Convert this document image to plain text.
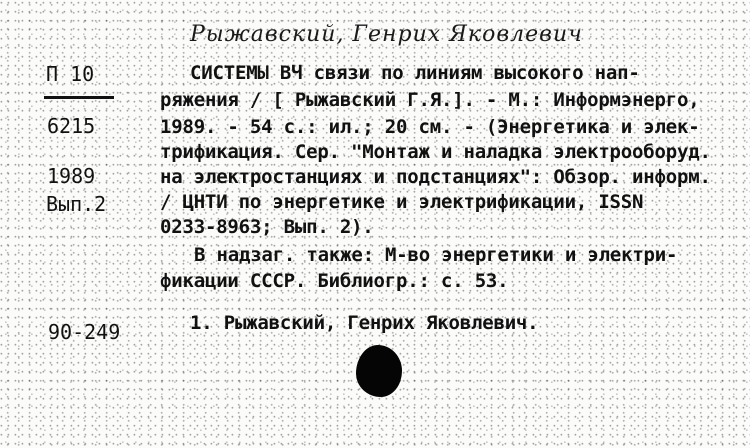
Рыжавский, Генрих Яковлевич
П 10
6215
1989
Вып.2
90-249
СИСТЕМЫ ВЧ связи по линиям высокого нап-
ряжения / [ Рыжавский Г.Я.]. - М.: Информэнерго,
1989. - 54 с.: ил.; 20 см. - (Энергетика и элек-
трификация. Сер. "Монтаж и наладка электрооборуд.
на электростанциях и подстанциях": Обзор. информ.
/ ЦНТИ по энергетике и электрификации, ISSN
0233-8963; Вып. 2).
В надзаг. также: М-во энергетики и электри-
фикации СССР. Библиогр.: с. 53.
1. Рыжавский, Генрих Яковлевич.
